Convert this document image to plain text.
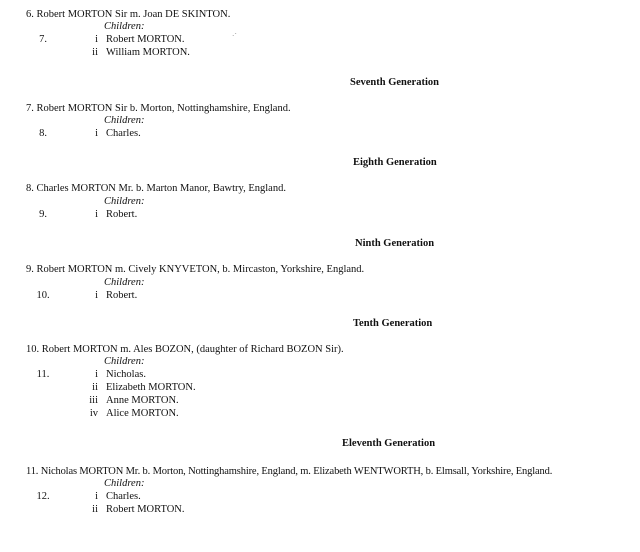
6. Robert MORTON Sir m. Joan DE SKINTON.
Children:
7.	i Robert MORTON.
ii William MORTON.
·´
Seventh Generation
7. Robert MORTON Sir b. Morton, Nottinghamshire, England.
Children:
8.	i Charles.
Eighth Generation
8. Charles MORTON Mr. b. Marton Manor, Bawtry, England.
Children:
9.	i Robert.
Ninth Generation
9. Robert MORTON m. Cively KNYVETON, b. Mircaston, Yorkshire, England.
Children:
10.	i Robert.
Tenth Generation
10. Robert MORTON m. Ales BOZON, (daughter of Richard BOZON Sir).
Children:
11.	i Nicholas.
ii Elizabeth MORTON.
iii Anne MORTON.
iv Alice MORTON.
Eleventh Generation
11. Nicholas MORTON Mr. b. Morton, Nottinghamshire, England, m. Elizabeth WENTWORTH, b. Elmsall, Yorkshire, England.
Children:
12.	i Charles.
ii Robert MORTON.
